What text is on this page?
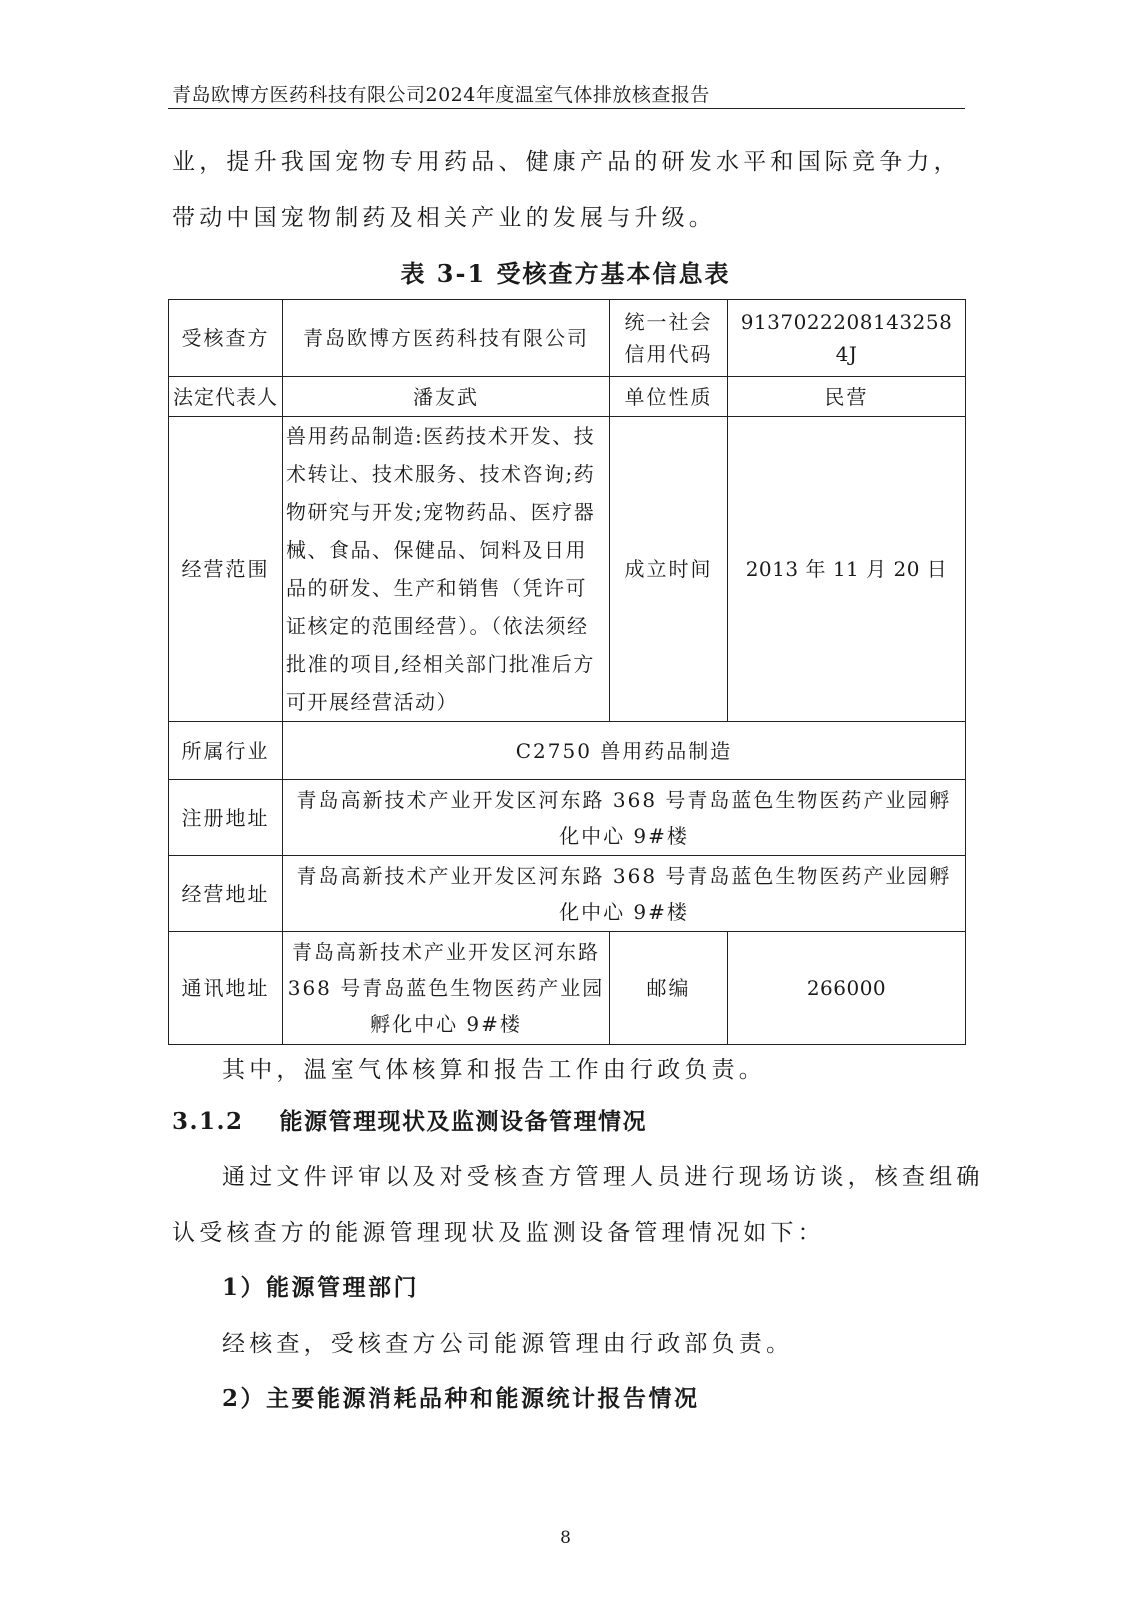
青岛欧博方医药科技有限公司2024年度温室气体排放核查报告

业，提升我国宠物专用药品、健康产品的研发水平和国际竞争力，带动中国宠物制药及相关产业的发展与升级。

表 3-1 受核查方基本信息表
受核查方	青岛欧博方医药科技有限公司	统一社会信用代码	9137022208143258 4J
法定代表人	潘友武	单位性质	民营
经营范围	兽用药品制造:医药技术开发、技术转让、技术服务、技术咨询;药物研究与开发;宠物药品、医疗器械、食品、保健品、饲料及日用品的研发、生产和销售（凭许可证核定的范围经营）。（依法须经批准的项目,经相关部门批准后方可开展经营活动）	成立时间	2013 年 11 月 20 日
所属行业	C2750 兽用药品制造		
注册地址	青岛高新技术产业开发区河东路 368 号青岛蓝色生物医药产业园孵化中心 9#楼		
经营地址	青岛高新技术产业开发区河东路 368 号青岛蓝色生物医药产业园孵化中心 9#楼		
通讯地址	青岛高新技术产业开发区河东路 368 号青岛蓝色生物医药产业园孵化中心 9#楼	邮编	266000
其中，温室气体核算和报告工作由行政负责。
3.1.2 能源管理现状及监测设备管理情况
通过文件评审以及对受核查方管理人员进行现场访谈，核查组确
认受核查方的能源管理现状及监测设备管理情况如下：
1）能源管理部门
经核查，受核查方公司能源管理由行政部负责。
2）主要能源消耗品种和能源统计报告情况
8
